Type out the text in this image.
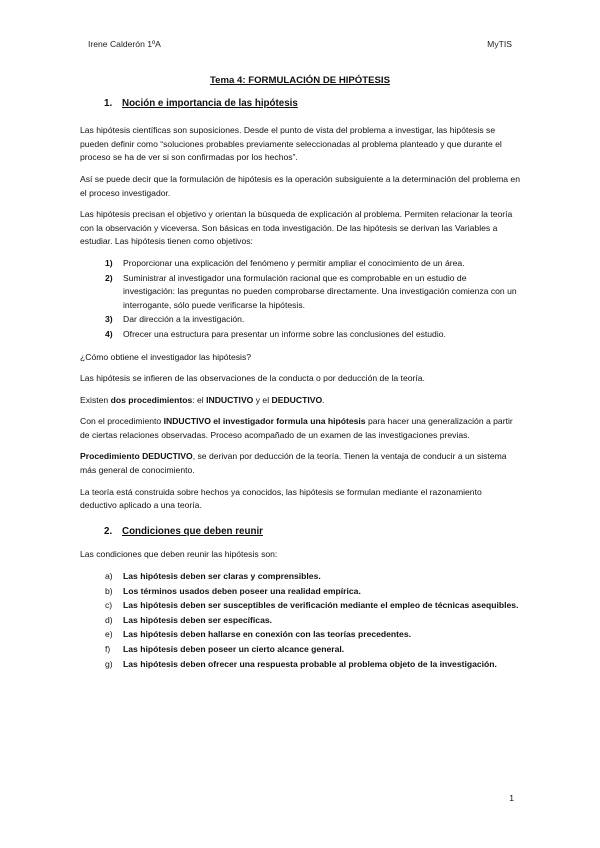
Irene Calderón 1ºA	MyTIS
Tema 4: FORMULACIÓN DE HIPÓTESIS
1. Noción e importancia de las hipótesis

Las hipótesis científicas son suposiciones. Desde el punto de vista del problema a investigar, las hipótesis se pueden definir como “soluciones probables previamente seleccionadas al problema planteado y que durante el proceso se ha de ver si son confirmadas por los hechos”.

Así se puede decir que la formulación de hipótesis es la operación subsiguiente a la determinación del problema en el proceso investigador.

Las hipótesis precisan el objetivo y orientan la búsqueda de explicación al problema. Permiten relacionar la teoría con la observación y viceversa. Son básicas en toda investigación. De las hipótesis se derivan las Variables a estudiar. Las hipótesis tienen como objetivos:

1)	Proporcionar una explicación del fenómeno y permitir ampliar el conocimiento de un área.
2)	Suministrar al investigador una formulación racional que es comprobable en un estudio de investigación: las preguntas no pueden comprobarse directamente. Una investigación comienza con un interrogante, sólo puede verificarse la hipótesis.
3)	Dar dirección a la investigación.
4)	Ofrecer una estructura para presentar un informe sobre las conclusiones del estudio.

¿Cómo obtiene el investigador las hipótesis?

Las hipótesis se infieren de las observaciones de la conducta o por deducción de la teoría.

Existen dos procedimientos: el INDUCTIVO y el DEDUCTIVO.

Con el procedimiento INDUCTIVO el investigador formula una hipótesis para hacer una generalización a partir de ciertas relaciones observadas. Proceso acompañado de un examen de las investigaciones previas.

Procedimiento DEDUCTIVO, se derivan por deducción de la teoría. Tienen la ventaja de conducir a un sistema más general de conocimiento.

La teoría está construida sobre hechos ya conocidos, las hipótesis se formulan mediante el razonamiento deductivo aplicado a una teoría.

2. Condiciones que deben reunir

Las condiciones que deben reunir las hipótesis son:

a)	Las hipótesis deben ser claras y comprensibles.
b)	Los términos usados deben poseer una realidad empírica.
c)	Las hipótesis deben ser susceptibles de verificación mediante el empleo de técnicas asequibles.
d)	Las hipótesis deben ser específicas.
e)	Las hipótesis deben hallarse en conexión con las teorías precedentes.
f)	Las hipótesis deben poseer un cierto alcance general.
g)	Las hipótesis deben ofrecer una respuesta probable al problema objeto de la investigación.
1
